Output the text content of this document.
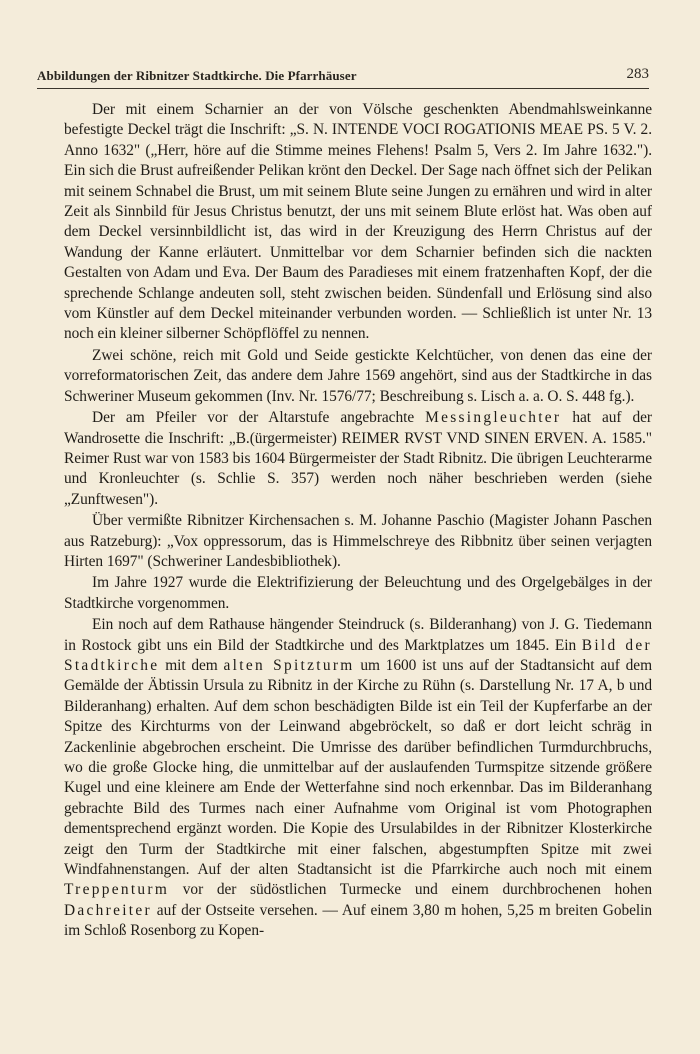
Abbildungen der Ribnitzer Stadtkirche. Die Pfarrhäuser	283

Der mit einem Scharnier an der von Völsche geschenkten Abendmahlsweinkanne befestigte Deckel trägt die Inschrift: „S. N. INTENDE VOCI ROGATIONIS MEAE PS. 5 V. 2. Anno 1632" („Herr, höre auf die Stimme meines Flehens! Psalm 5, Vers 2. Im Jahre 1632."). Ein sich die Brust aufreißender Pelikan krönt den Deckel. Der Sage nach öffnet sich der Pelikan mit seinem Schnabel die Brust, um mit seinem Blute seine Jungen zu ernähren und wird in alter Zeit als Sinnbild für Jesus Christus benutzt, der uns mit seinem Blute erlöst hat. Was oben auf dem Deckel versinnbildlicht ist, das wird in der Kreuzigung des Herrn Christus auf der Wandung der Kanne erläutert. Unmittelbar vor dem Scharnier befinden sich die nackten Gestalten von Adam und Eva. Der Baum des Paradieses mit einem fratzenhaften Kopf, der die sprechende Schlange andeuten soll, steht zwischen beiden. Sündenfall und Erlösung sind also vom Künstler auf dem Deckel miteinander verbunden worden. — Schließlich ist unter Nr. 13 noch ein kleiner silberner Schöpflöffel zu nennen.

Zwei schöne, reich mit Gold und Seide gestickte Kelchtücher, von denen das eine der vorreformatorischen Zeit, das andere dem Jahre 1569 angehört, sind aus der Stadtkirche in das Schweriner Museum gekommen (Inv. Nr. 1576/77; Beschreibung s. Lisch a. a. O. S. 448 fg.).

Der am Pfeiler vor der Altarstufe angebrachte Messingleuchter hat auf der Wandrosette die Inschrift: „B.(ürgermeister) REIMER RVST VND SINEN ERVEN. A. 1585." Reimer Rust war von 1583 bis 1604 Bürgermeister der Stadt Ribnitz. Die übrigen Leuchterarme und Kronleuchter (s. Schlie S. 357) werden noch näher beschrieben werden (siehe „Zunftwesen").

Über vermißte Ribnitzer Kirchensachen s. M. Johanne Paschio (Magister Johann Paschen aus Ratzeburg): „Vox oppressorum, das is Himmelschreye des Ribbnitz über seinen verjagten Hirten 1697" (Schweriner Landesbibliothek).

Im Jahre 1927 wurde die Elektrifizierung der Beleuchtung und des Orgelgebälges in der Stadtkirche vorgenommen.

Ein noch auf dem Rathause hängender Steindruck (s. Bilderanhang) von J. G. Tiedemann in Rostock gibt uns ein Bild der Stadtkirche und des Marktplatzes um 1845. Ein Bild der Stadtkirche mit dem alten Spitzturm um 1600 ist uns auf der Stadtansicht auf dem Gemälde der Äbtissin Ursula zu Ribnitz in der Kirche zu Rühn (s. Darstellung Nr. 17 A, b und Bilderanhang) erhalten. Auf dem schon beschädigten Bilde ist ein Teil der Kupferfarbe an der Spitze des Kirchturms von der Leinwand abgebröckelt, so daß er dort leicht schräg in Zackenlinie abgebrochen erscheint. Die Umrisse des darüber befindlichen Turmdurchbruchs, wo die große Glocke hing, die unmittelbar auf der auslaufenden Turmspitze sitzende größere Kugel und eine kleinere am Ende der Wetterfahne sind noch erkennbar. Das im Bilderanhang gebrachte Bild des Turmes nach einer Aufnahme vom Original ist vom Photographen dementsprechend ergänzt worden. Die Kopie des Ursulabildes in der Ribnitzer Klosterkirche zeigt den Turm der Stadtkirche mit einer falschen, abgestumpften Spitze mit zwei Windfahnenstangen. Auf der alten Stadtansicht ist die Pfarrkirche auch noch mit einem Treppenturm vor der südöstlichen Turmecke und einem durchbrochenen hohen Dachreiter auf der Ostseite versehen. — Auf einem 3,80 m hohen, 5,25 m breiten Gobelin im Schloß Rosenborg zu Kopen-
